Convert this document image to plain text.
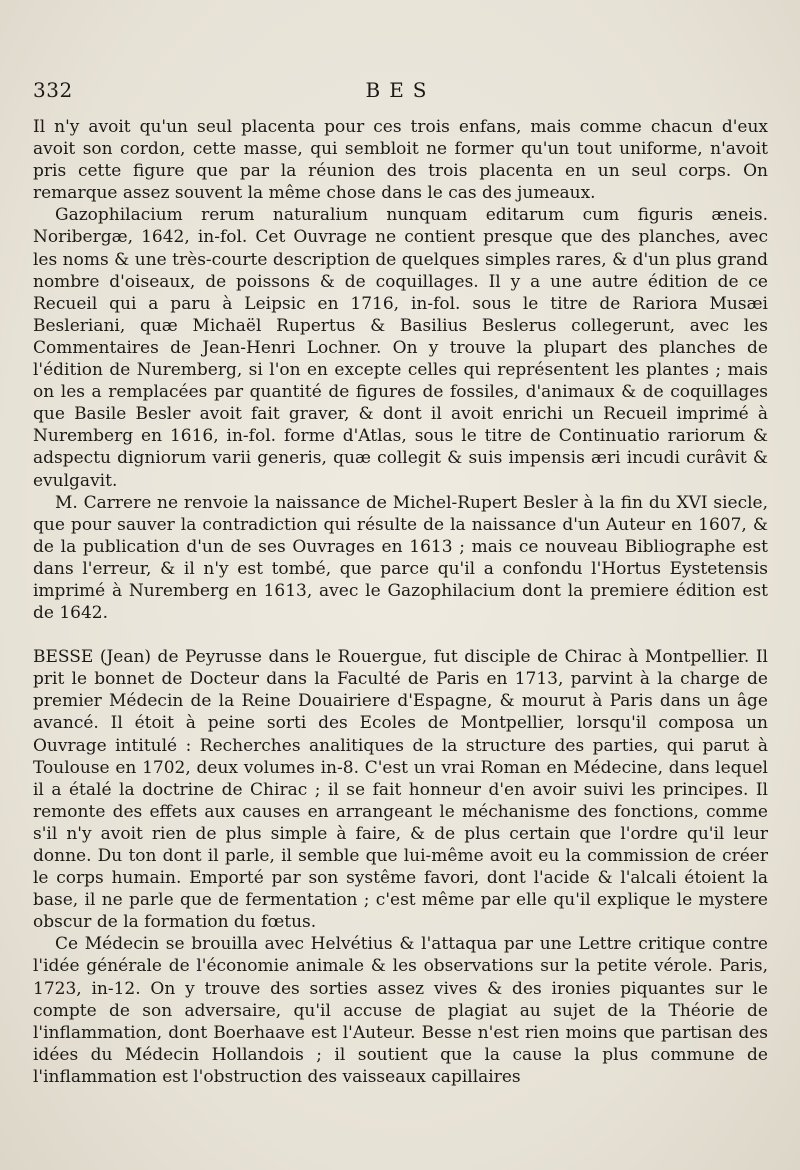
332	BES

Il n'y avoit qu'un seul placenta pour ces trois enfans, mais comme chacun d'eux avoit son cordon, cette masse, qui sembloit ne former qu'un tout uniforme, n'avoit pris cette figure que par la réunion des trois placenta en un seul corps. On remarque assez souvent la même chose dans le cas des jumeaux.

Gazophilacium rerum naturalium nunquam editarum cum figuris æneis. Noribergæ, 1642, in-fol. Cet Ouvrage ne contient presque que des planches, avec les noms & une très-courte description de quelques simples rares, & d'un plus grand nombre d'oiseaux, de poissons & de coquillages. Il y a une autre édition de ce Recueil qui a paru à Leipsic en 1716, in-fol. sous le titre de Rariora Musæi Besleriani, quæ Michaël Rupertus & Basilius Beslerus collegerunt, avec les Commentaires de Jean-Henri Lochner. On y trouve la plupart des planches de l'édition de Nuremberg, si l'on en excepte celles qui représentent les plantes ; mais on les a remplacées par quantité de figures de fossiles, d'animaux & de coquillages que Basile Besler avoit fait graver, & dont il avoit enrichi un Recueil imprimé à Nuremberg en 1616, in-fol. forme d'Atlas, sous le titre de Continuatio rariorum & adspectu digniorum varii generis, quæ collegit & suis impensis æri incudi curâvit & evulgavit.

M. Carrere ne renvoie la naissance de Michel-Rupert Besler à la fin du XVI siecle, que pour sauver la contradiction qui résulte de la naissance d'un Auteur en 1607, & de la publication d'un de ses Ouvrages en 1613 ; mais ce nouveau Bibliographe est dans l'erreur, & il n'y est tombé, que parce qu'il a confondu l'Hortus Eystetensis imprimé à Nuremberg en 1613, avec le Gazophilacium dont la premiere édition est de 1642.

BESSE (Jean) de Peyrusse dans le Rouergue, fut disciple de Chirac à Montpellier. Il prit le bonnet de Docteur dans la Faculté de Paris en 1713, parvint à la charge de premier Médecin de la Reine Douairiere d'Espagne, & mourut à Paris dans un âge avancé. Il étoit à peine sorti des Ecoles de Montpellier, lorsqu'il composa un Ouvrage intitulé : Recherches analitiques de la structure des parties, qui parut à Toulouse en 1702, deux volumes in-8. C'est un vrai Roman en Médecine, dans lequel il a étalé la doctrine de Chirac ; il se fait honneur d'en avoir suivi les principes. Il remonte des effets aux causes en arrangeant le méchanisme des fonctions, comme s'il n'y avoit rien de plus simple à faire, & de plus certain que l'ordre qu'il leur donne. Du ton dont il parle, il semble que lui-même avoit eu la commission de créer le corps humain. Emporté par son systême favori, dont l'acide & l'alcali étoient la base, il ne parle que de fermentation ; c'est même par elle qu'il explique le mystere obscur de la formation du fœtus.

Ce Médecin se brouilla avec Helvétius & l'attaqua par une Lettre critique contre l'idée générale de l'économie animale & les observations sur la petite vérole. Paris, 1723, in-12. On y trouve des sorties assez vives & des ironies piquantes sur le compte de son adversaire, qu'il accuse de plagiat au sujet de la Théorie de l'inflammation, dont Boerhaave est l'Auteur. Besse n'est rien moins que partisan des idées du Médecin Hollandois ; il soutient que la cause la plus commune de l'inflammation est l'obstruction des vaisseaux capillaires
